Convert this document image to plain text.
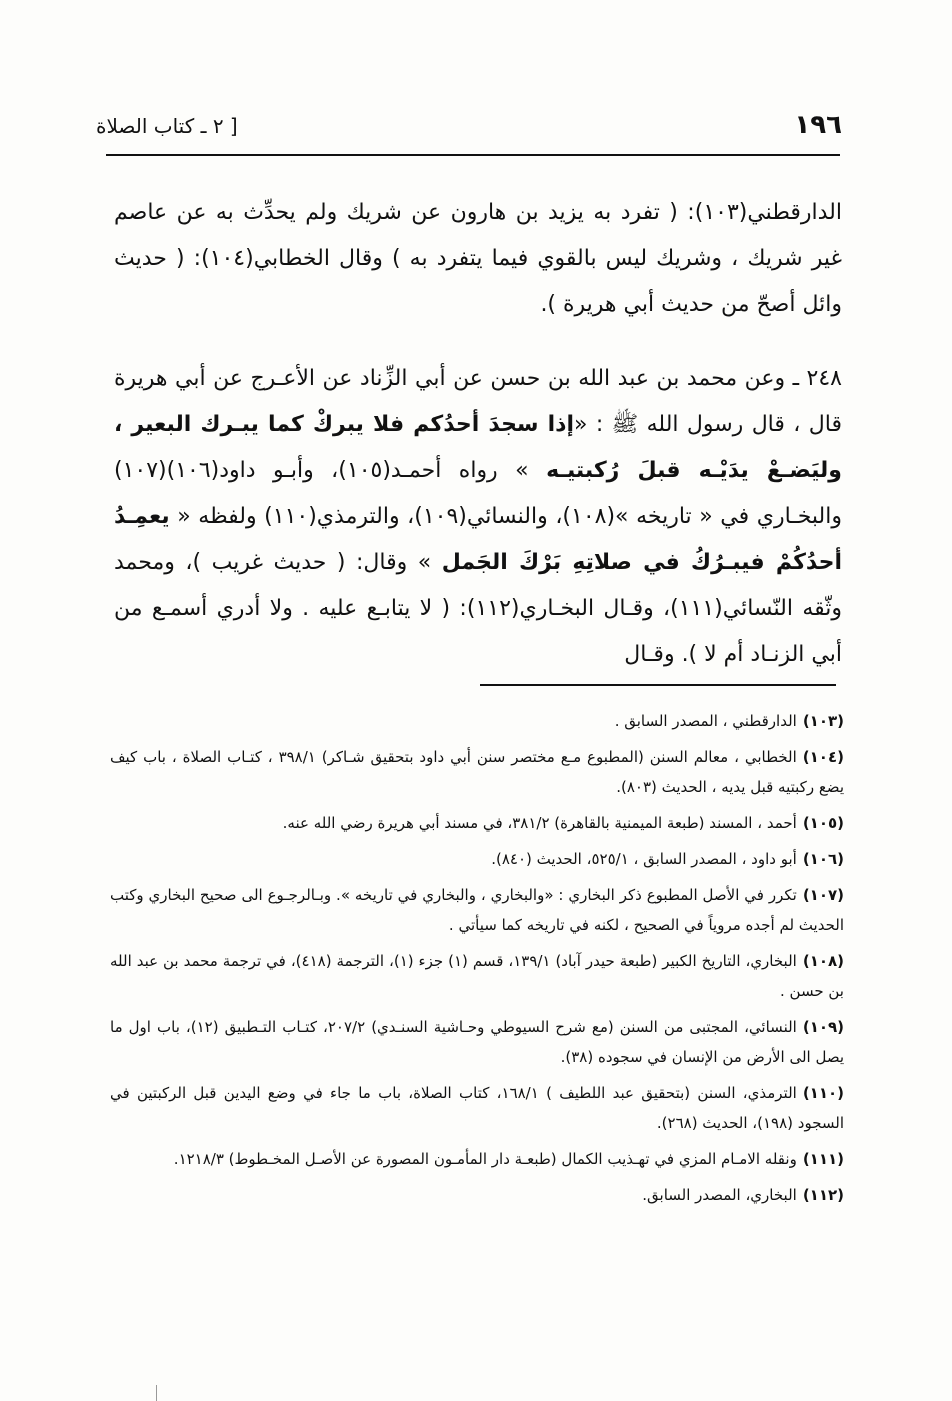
١٩٦
[ ٢ ـ كتاب الصلاة

الدارقطني(١٠٣): ( تفرد به يزيد بن هارون عن شريك ولم يحدِّث به عن عاصم غير شريك ، وشريك ليس بالقوي فيما يتفرد به ) وقال الخطابي(١٠٤): ( حديث وائل أصحّ من حديث أبي هريرة ).

٢٤٨ ـ وعن محمد بن عبد الله بن حسن عن أبي الزِّناد عن الأعـرج عن أبي هريرة قال ، قال رسول الله ﷺ : «إذا سجدَ أحدُكم فلا يبركْ كما يبـرك البعير ، وليَضـعْ يدَيْـه قبلَ رُكبتيـه » رواه أحمـد(١٠٥)، وأبـو داود(١٠٦)(١٠٧) والبخـاري في « تاريخه »(١٠٨)، والنسائي(١٠٩)، والترمذي(١١٠) ولفظه « يعمِـدُ أحدُكُمْ فيبـرُكُ في صلاتِهِ بَرْكَ الجَمل » وقال: ( حديث غريب )، ومحمد وثّقه النّسائي(١١١)، وقـال البخـاري(١١٢): ( لا يتابـع عليه . ولا أدري أسمـع من أبي الزنـاد أم لا ). وقـال

(١٠٣)الدارقطني ، المصدر السابق .

(١٠٤)الخطابي ، معالم السنن (المطبوع مـع مختصر سنن أبي داود بتحقيق شـاكر) ٣٩٨/١ ، كتـاب الصلاة ، باب كيف يضع ركبتيه قبل يديه ، الحديث (٨٠٣).

(١٠٥)أحمد ، المسند (طبعة الميمنية بالقاهرة) ٣٨١/٢، في مسند أبي هريرة رضي الله عنه.

(١٠٦)أبو داود ، المصدر السابق ، ٥٢٥/١، الحديث (٨٤٠).

(١٠٧)تكرر في الأصل المطبوع ذكر البخاري : «والبخاري ، والبخاري في تاريخه ». وبـالرجـوع الى صحيح البخاري وكتب الحديث لم أجده مروياً في الصحيح ، لكنه في تاريخه كما سيأتي .

(١٠٨)البخاري، التاريخ الكبير (طبعة حيدر آباد) ١٣٩/١، قسم (١) جزء (١)، الترجمة (٤١٨)، في ترجمة محمد بن عبد الله بن حسن .

(١٠٩)النسائي، المجتبى من السنن (مع شرح السيوطي وحـاشية السنـدي) ٢٠٧/٢، كتـاب التـطبيق (١٢)، باب اول ما يصل الى الأرض من الإنسان في سجوده (٣٨).

(١١٠)الترمذي، السنن (بتحقيق عبد اللطيف ) ١٦٨/١، كتاب الصلاة، باب ما جاء في وضع اليدين قبل الركبتين في السجود (١٩٨)، الحديث (٢٦٨).

(١١١)ونقله الامـام المزي في تهـذيب الكمال (طبعـة دار المأمـون المصورة عن الأصـل المخـطوط) ١٢١٨/٣.

(١١٢)البخاري، المصدر السابق.
